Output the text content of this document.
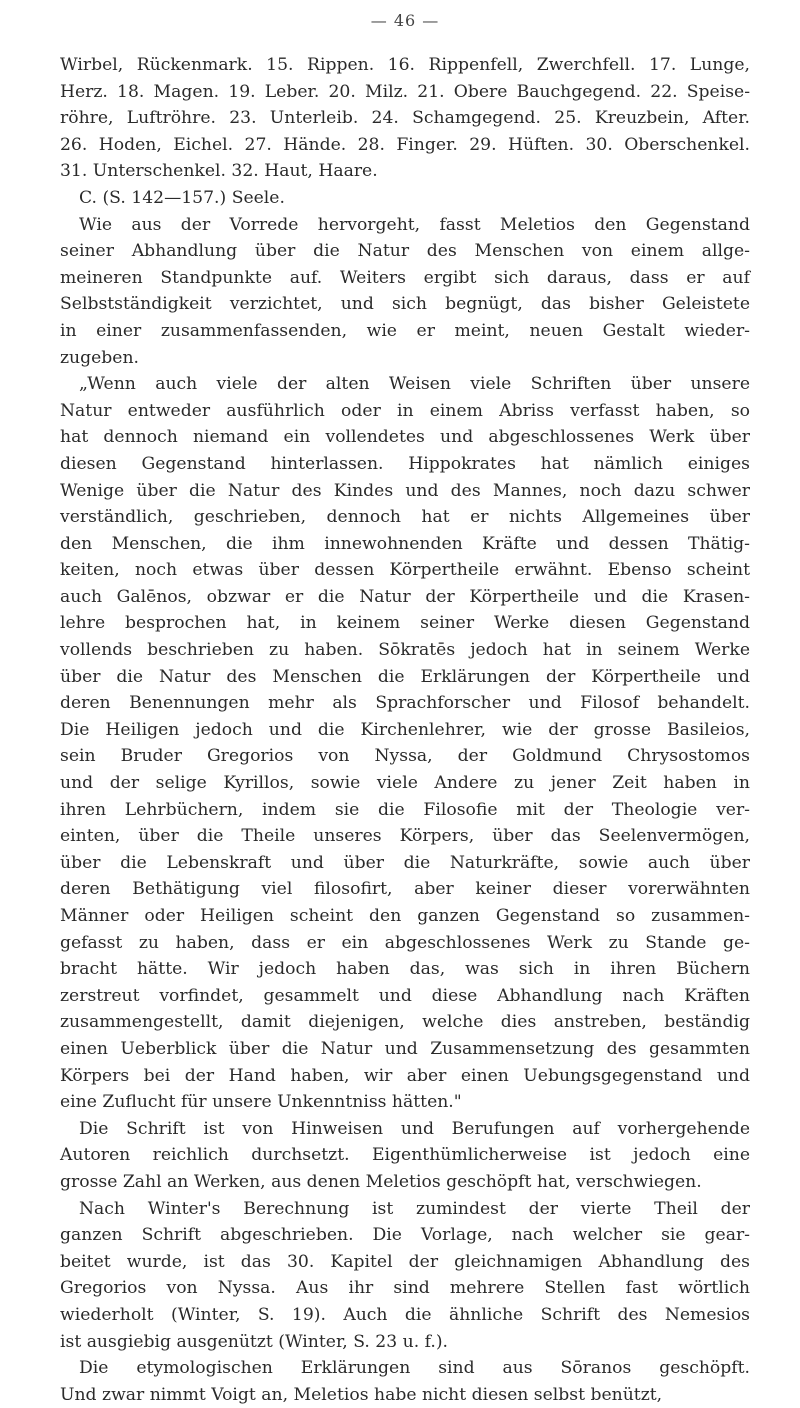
— 46 —

Wirbel, Rückenmark. 15. Rippen. 16. Rippenfell, Zwerchfell. 17. Lunge,
Herz. 18. Magen. 19. Leber. 20. Milz. 21. Obere Bauchgegend. 22. Speise-
röhre, Luftröhre. 23. Unterleib. 24. Schamgegend. 25. Kreuzbein, After.
26. Hoden, Eichel. 27. Hände. 28. Finger. 29. Hüften. 30. Oberschenkel.
31. Unterschenkel. 32. Haut, Haare.

C. (S. 142—157.) Seele.

Wie aus der Vorrede hervorgeht, fasst Meletios den Gegenstand
seiner Abhandlung über die Natur des Menschen von einem allge-
meineren Standpunkte auf. Weiters ergibt sich daraus, dass er auf
Selbstständigkeit verzichtet, und sich begnügt, das bisher Geleistete
in einer zusammenfassenden, wie er meint, neuen Gestalt wieder-
zugeben.

„Wenn auch viele der alten Weisen viele Schriften über unsere
Natur entweder ausführlich oder in einem Abriss verfasst haben, so
hat dennoch niemand ein vollendetes und abgeschlossenes Werk über
diesen Gegenstand hinterlassen. Hippokrates hat nämlich einiges
Wenige über die Natur des Kindes und des Mannes, noch dazu schwer
verständlich, geschrieben, dennoch hat er nichts Allgemeines über
den Menschen, die ihm innewohnenden Kräfte und dessen Thätig-
keiten, noch etwas über dessen Körpertheile erwähnt. Ebenso scheint
auch Galēnos, obzwar er die Natur der Körpertheile und die Krasen-
lehre besprochen hat, in keinem seiner Werke diesen Gegenstand
vollends beschrieben zu haben. Sōkratēs jedoch hat in seinem Werke
über die Natur des Menschen die Erklärungen der Körpertheile und
deren Benennungen mehr als Sprachforscher und Filosof behandelt.
Die Heiligen jedoch und die Kirchenlehrer, wie der grosse Basileios,
sein Bruder Gregorios von Nyssa, der Goldmund Chrysostomos
und der selige Kyrillos, sowie viele Andere zu jener Zeit haben in
ihren Lehrbüchern, indem sie die Filosofie mit der Theologie ver-
einten, über die Theile unseres Körpers, über das Seelenvermögen,
über die Lebenskraft und über die Naturkräfte, sowie auch über
deren Bethätigung viel filosofirt, aber keiner dieser vorerwähnten
Männer oder Heiligen scheint den ganzen Gegenstand so zusammen-
gefasst zu haben, dass er ein abgeschlossenes Werk zu Stande ge-
bracht hätte. Wir jedoch haben das, was sich in ihren Büchern
zerstreut vorfindet, gesammelt und diese Abhandlung nach Kräften
zusammengestellt, damit diejenigen, welche dies anstreben, beständig
einen Ueberblick über die Natur und Zusammensetzung des gesammten
Körpers bei der Hand haben, wir aber einen Uebungsgegenstand und
eine Zuflucht für unsere Unkenntniss hätten."

Die Schrift ist von Hinweisen und Berufungen auf vorhergehende
Autoren reichlich durchsetzt. Eigenthümlicherweise ist jedoch eine
grosse Zahl an Werken, aus denen Meletios geschöpft hat, verschwiegen.

Nach Winter's Berechnung ist zumindest der vierte Theil der
ganzen Schrift abgeschrieben. Die Vorlage, nach welcher sie gear-
beitet wurde, ist das 30. Kapitel der gleichnamigen Abhandlung des
Gregorios von Nyssa. Aus ihr sind mehrere Stellen fast wörtlich
wiederholt (Winter, S. 19). Auch die ähnliche Schrift des Nemesios
ist ausgiebig ausgenützt (Winter, S. 23 u. f.).

Die etymologischen Erklärungen sind aus Sōranos geschöpft.
Und zwar nimmt Voigt an, Meletios habe nicht diesen selbst benützt,
